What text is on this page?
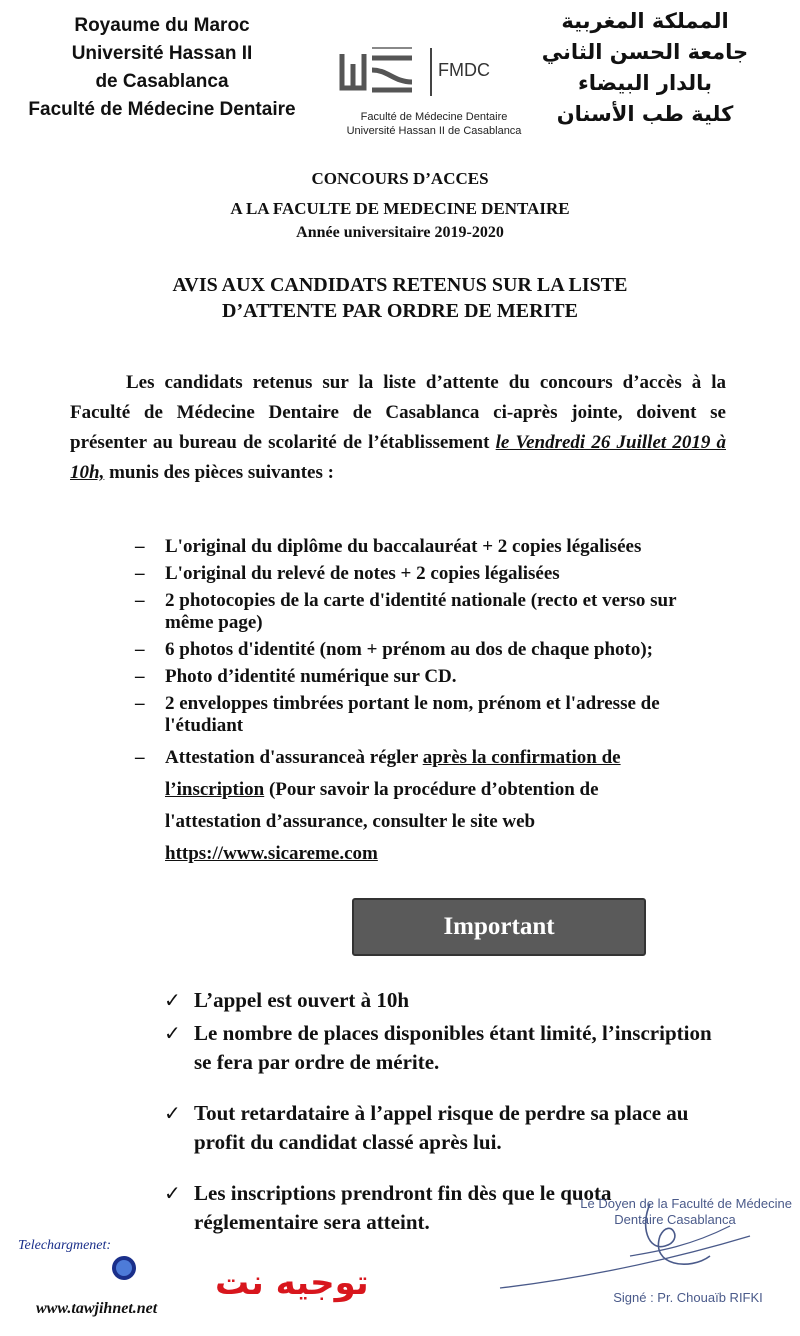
Royaume du Maroc
Université Hassan II
de Casablanca
Faculté de Médecine Dentaire
FMDC
Faculté de Médecine Dentaire
Université Hassan II de Casablanca
المملكة المغربية
جامعة الحسن الثاني
بالدار البيضاء
كلية طب الأسنان
CONCOURS D’ACCES
A LA FACULTE DE MEDECINE DENTAIRE
Année universitaire 2019-2020
AVIS AUX CANDIDATS RETENUS SUR LA LISTE
D’ATTENTE PAR ORDRE DE MERITE
Les candidats retenus sur la liste d’attente du concours d’accès à la Faculté de Médecine Dentaire de Casablanca ci-après jointe, doivent se présenter au bureau de scolarité de l’établissement le Vendredi 26 Juillet 2019 à 10h, munis des pièces suivantes :
– L'original du diplôme du baccalauréat + 2 copies légalisées
– L'original du relevé de notes + 2 copies légalisées
– 2 photocopies de la carte d'identité nationale (recto et verso sur même page)
– 6 photos d'identité (nom + prénom au dos de chaque photo);
– Photo d’identité numérique sur CD.
– 2 enveloppes timbrées portant le nom, prénom et l'adresse de l'étudiant
– Attestation d'assuranceà régler après la confirmation de l’inscription (Pour savoir la procédure d’obtention de l'attestation d’assurance, consulter le site web https://www.sicareme.com
Important
✓ L’appel est ouvert à 10h
✓ Le nombre de places disponibles étant limité, l’inscription se fera par ordre de mérite.
✓ Tout retardataire à l’appel risque de perdre sa place au profit du candidat classé après lui.
✓ Les inscriptions prendront fin dès que le quota réglementaire sera atteint.
Le Doyen de la Faculté de Médecine
Dentaire Casablanca
Signé : Pr. Chouaïb RIFKI
Telechargmenet:
توجيه نت
www.tawjihnet.net
